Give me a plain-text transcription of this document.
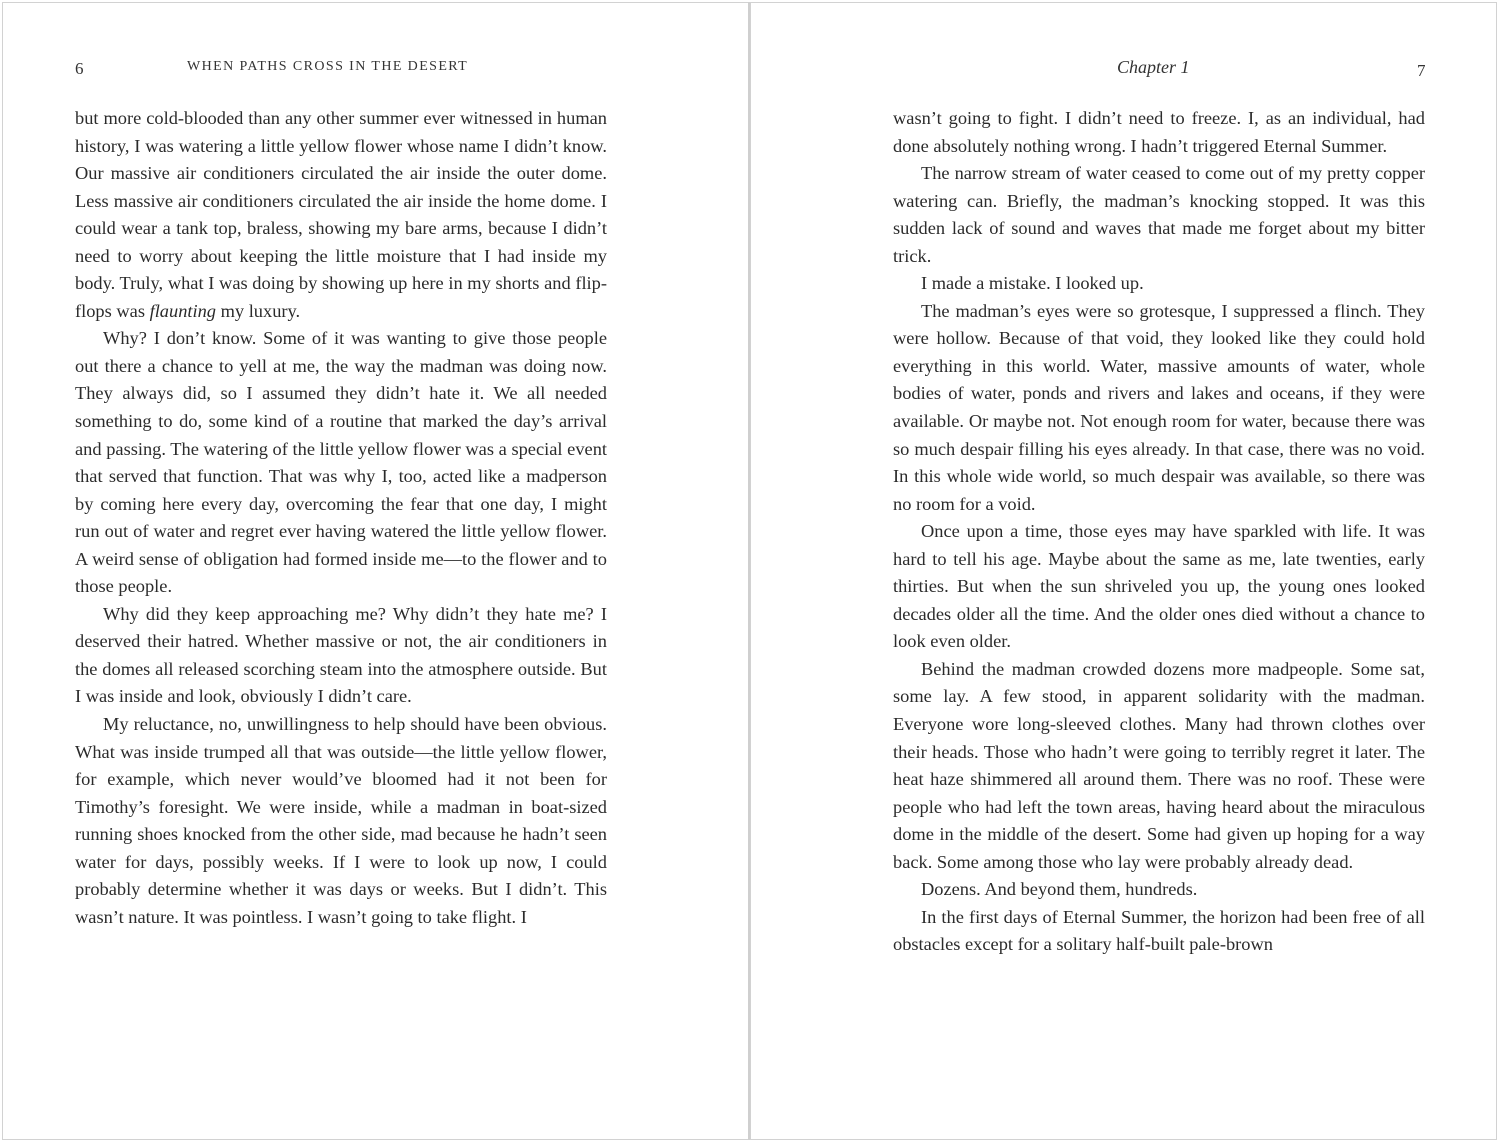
6	WHEN PATHS CROSS IN THE DESERT

but more cold-blooded than any other summer ever witnessed in human history, I was watering a little yellow flower whose name I didn’t know. Our massive air conditioners circulated the air inside the outer dome. Less massive air conditioners circulated the air inside the home dome. I could wear a tank top, braless, showing my bare arms, because I didn’t need to worry about keeping the little moisture that I had inside my body. Truly, what I was doing by showing up here in my shorts and flip-flops was flaunting my luxury.

Why? I don’t know. Some of it was wanting to give those people out there a chance to yell at me, the way the madman was doing now. They always did, so I assumed they didn’t hate it. We all needed something to do, some kind of a routine that marked the day’s arrival and passing. The watering of the little yellow flower was a special event that served that function. That was why I, too, acted like a madperson by coming here every day, overcoming the fear that one day, I might run out of water and regret ever having watered the little yellow flower. A weird sense of obligation had formed inside me—to the flower and to those people.

Why did they keep approaching me? Why didn’t they hate me? I deserved their hatred. Whether massive or not, the air conditioners in the domes all released scorching steam into the atmosphere outside. But I was inside and look, obviously I didn’t care.

My reluctance, no, unwillingness to help should have been obvious. What was inside trumped all that was outside—the little yellow flower, for example, which never would’ve bloomed had it not been for Timothy’s foresight. We were inside, while a madman in boat-sized running shoes knocked from the other side, mad because he hadn’t seen water for days, possibly weeks. If I were to look up now, I could probably determine whether it was days or weeks. But I didn’t. This wasn’t nature. It was pointless. I wasn’t going to take flight. I

Chapter 1	7

wasn’t going to fight. I didn’t need to freeze. I, as an individual, had done absolutely nothing wrong. I hadn’t triggered Eternal Summer.

The narrow stream of water ceased to come out of my pretty copper watering can. Briefly, the madman’s knocking stopped. It was this sudden lack of sound and waves that made me forget about my bitter trick.

I made a mistake. I looked up.

The madman’s eyes were so grotesque, I suppressed a flinch. They were hollow. Because of that void, they looked like they could hold everything in this world. Water, massive amounts of water, whole bodies of water, ponds and rivers and lakes and oceans, if they were available. Or maybe not. Not enough room for water, because there was so much despair filling his eyes already. In that case, there was no void. In this whole wide world, so much despair was available, so there was no room for a void.

Once upon a time, those eyes may have sparkled with life. It was hard to tell his age. Maybe about the same as me, late twenties, early thirties. But when the sun shriveled you up, the young ones looked decades older all the time. And the older ones died without a chance to look even older.

Behind the madman crowded dozens more madpeople. Some sat, some lay. A few stood, in apparent solidarity with the madman. Everyone wore long-sleeved clothes. Many had thrown clothes over their heads. Those who hadn’t were going to terribly regret it later. The heat haze shimmered all around them. There was no roof. These were people who had left the town areas, having heard about the miraculous dome in the middle of the desert. Some had given up hoping for a way back. Some among those who lay were probably already dead.

Dozens. And beyond them, hundreds.

In the first days of Eternal Summer, the horizon had been free of all obstacles except for a solitary half-built pale-brown
